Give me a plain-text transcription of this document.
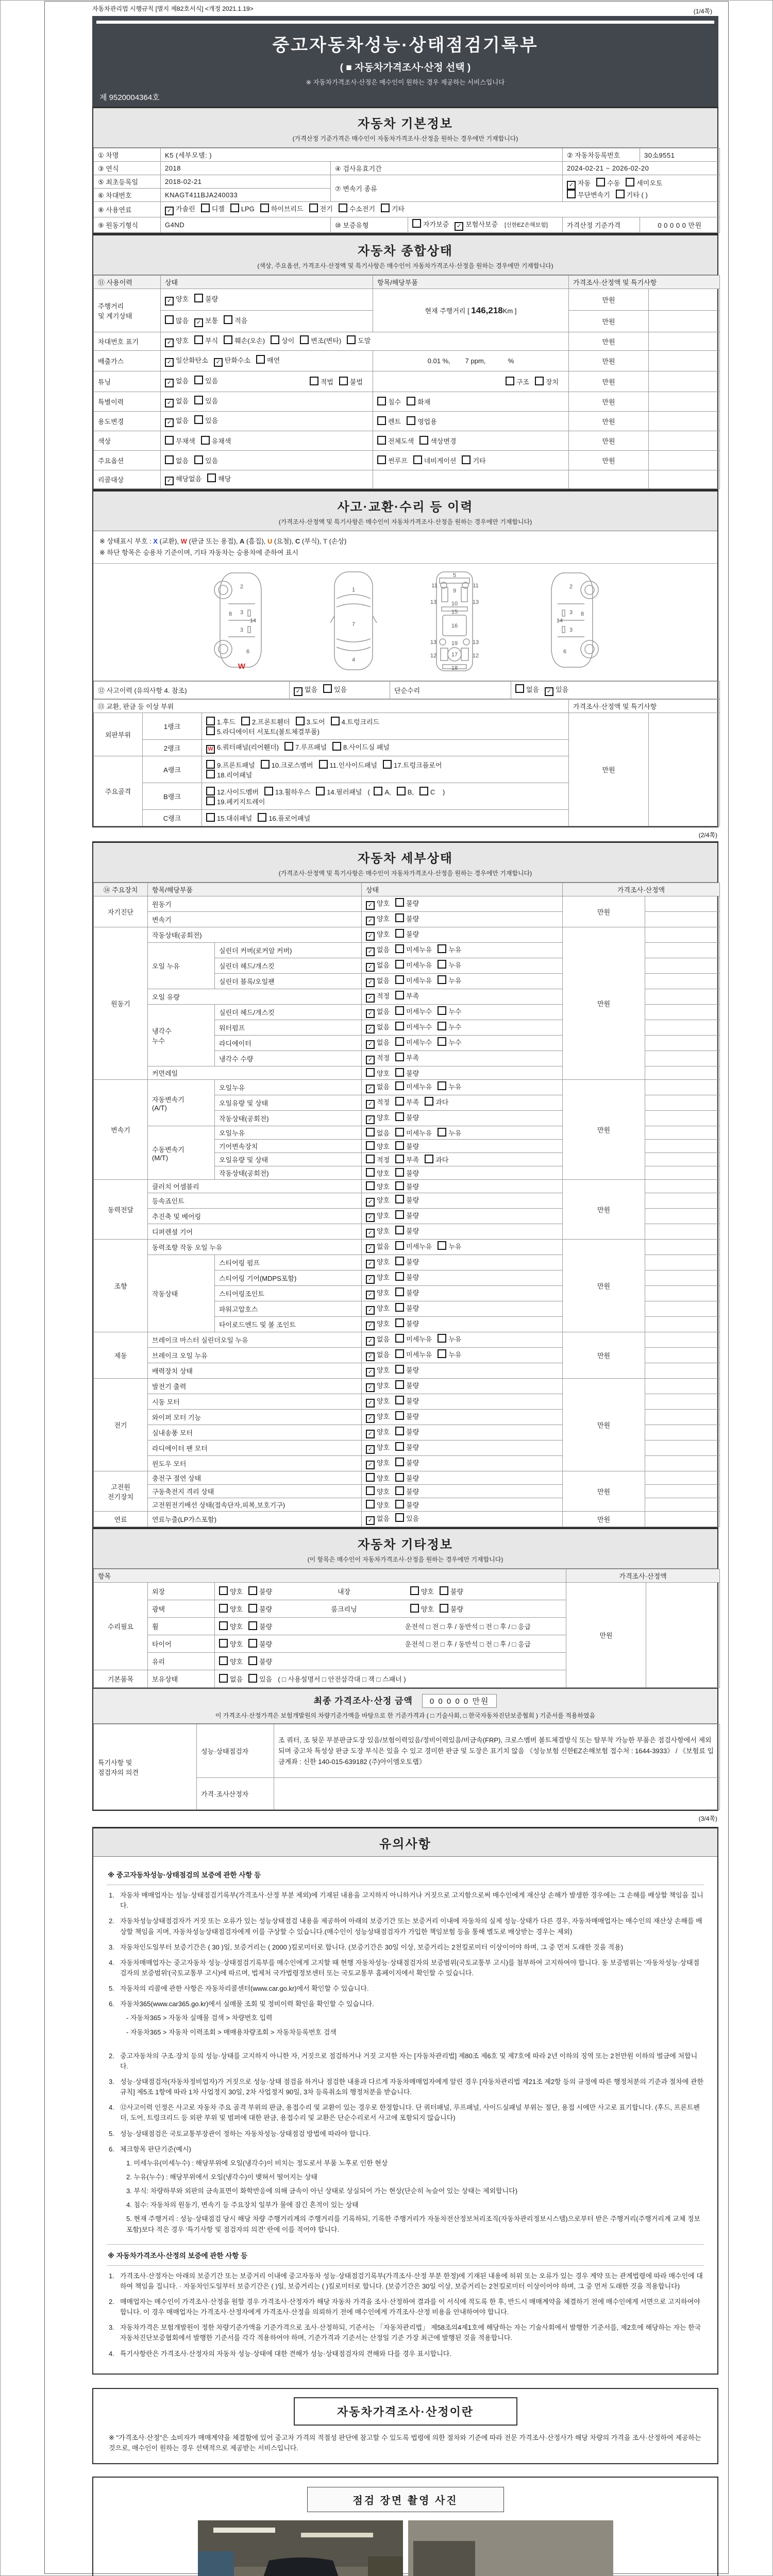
자동차관리법 시행규칙 [별지 제82호서식] <개정 2021.1.19>	(1/4쪽)
중고자동차성능·상태점검기록부
( ■ 자동차가격조사·산정 선택 )
※ 자동차가격조사·산정은 매수인이 원하는 경우 제공하는 서비스입니다
제 9520004364호
자동차 기본정보
(가격산정 기준가격은 매수인이 자동차가격조사·산정을 원하는 경우에만 기재합니다)
① 차명	K5 (세부모델: )			② 자동차등록번호	30소9551
③ 연식	2018	④ 검사유효기간		2024-02-21 ~ 2026-02-20	
⑤ 최초등록일	2018-02-21	⑦ 변속기 종류		✓ 자동 수동 세미오토
무단변속기 기타 ( )	

⑥ 차대번호	KNAGT411BJA240033				
⑧ 사용연료	✓ 가솔린 디젤 LPG 하이브리드 전기 수소전기 기타				
⑨ 원동기형식	G4ND	⑩ 보증유형	자가보증 ✓ 보험사보증 [신한EZ손해보험]	가격산정 기준가격	0 0 0 0 0 만원
자동차 종합상태
(색상, 주요옵션, 가격조사·산정액 및 특기사항은 매수인이 자동차가격조사·산정을 원하는 경우에만 기재합니다)
⑪ 사용이력	상태	항목/해당부품	가격조사·산정액 및 특기사항	
주행거리
및 계기상태	✓ 양호 불량	현재 주행거리 [ 146,218Km ]	만원	
	많음 ✓ 보통 적음		만원	
차대번호 표기	✓ 양호 부식 훼손(오손) 상이 변조(변타) 도말		만원	
배출가스	✓ 일산화탄소 ✓ 탄화수소 매연	0.01 %,        7 ppm,            %	만원	
튜닝	✓ 없음 있음 적법 불법	구조 장치	만원	
특별이력	✓ 없음 있음	침수 화재	만원	
용도변경	✓ 없음 있음	렌트 영업용	만원	
색상	무채색 유채색	전체도색 색상변경	만원	
주요옵션	없음 있음	썬루프 네비게이션 기타	만원	
리콜대상	✓ 해당없음 해당			
사고·교환·수리 등 이력
(가격조사·산정액 및 특기사항은 매수인이 자동차가격조사·산정을 원하는 경우에만 기재합니다)
※ 상태표시 부호 : X (교환), W (판금 또는 용접), A (흠집), U (요철), C (부식), T (손상)
※ 하단 항목은 승용차 기준이며, 기타 자동차는 승용차에 준하여 표시
2
8 3
14
3
6
W
1
7
4
5
11	11
9
13	13
10
15
16
13	13
19
12	12
17
18
2
8
3
14
3
6
⑫ 사고이력 (유의사항 4. 참조)	✓ 없음 있음	단순수리	없음 ✓ 있음
⑬ 교환, 판금 등 이상 부위			가격조사·산정액 및 특기사항	
외판부위	1랭크	1.후드 2.프론트휀더 3.도어 4.트렁크리드
5.라디에이터 서포트(볼트체결부품)	만원	
	2랭크	W 6.쿼터패널(리어휀더) 7.루프패널 8.사이드실 패널		
주요골격	A랭크	9.프론트패널 10.크로스멤버 11.인사이드패널 17.트렁크플로어
18.리어패널		
	B랭크	12.사이드멤버 13.휠하우스 14.필러패널 ( A, B, C )
19.페키지트레이		
	C랭크	15.대쉬패널 16.플로어패널		
(2/4쪽)
자동차 세부상태
(가격조사·산정액 및 특기사항은 매수인이 자동차가격조사·산정을 원하는 경우에만 기재합니다)
⑭ 주요장치	항목/해당부품		상태	가격조사·산정액	
자기진단	원동기		✓ 양호 불량	만원	
	변속기		✓ 양호 불량		
원동기	작동상태(공회전)		✓ 양호 불량	만원	
	오일 누유	실린더 커버(로커암 커버)	✓ 없음 미세누유 누유		
		실린더 헤드/개스킷	✓ 없음 미세누유 누유		
		실린더 블록/오일팬	✓ 없음 미세누유 누유		
	오일 유량		✓ 적정 부족		
	냉각수
누수	실린더 헤드/개스킷	✓ 없음 미세누수 누수		
		워터펌프	✓ 없음 미세누수 누수		
		라디에이터	✓ 없음 미세누수 누수		
		냉각수 수량	✓ 적정 부족		
	커먼레일		양호 불량		
변속기	자동변속기
(A/T)	오일누유	✓ 없음 미세누유 누유	만원	
		오일유량 및 상태	✓ 적정 부족 과다		
		작동상태(공회전)	✓ 양호 불량		
	수동변속기
(M/T)	오일누유	없음 미세누유 누유		
		기어변속장치	양호 불량		
		오일유량 및 상태	적정 부족 과다		
		작동상태(공회전)	양호 불량		
동력전달	클러치 어셈블리		양호 불량	만원	
	등속죠인트		✓ 양호 불량		
	추진축 및 베어링		✓ 양호 불량		
	디퍼렌셜 기어		✓ 양호 불량		
조향	동력조향 작동 오일 누유		✓ 없음 미세누유 누유	만원	
	작동상태	스티어링 펌프	✓ 양호 불량		
		스티어링 기어(MDPS포함)	✓ 양호 불량		
		스티어링조인트	✓ 양호 불량		
		파워고압호스	✓ 양호 불량		
		타이로드엔드 및 볼 조인트	✓ 양호 불량		
제동	브레이크 마스터 실린더오일 누유		✓ 없음 미세누유 누유	만원	
	브레이크 오일 누유		✓ 없음 미세누유 누유		
	배력장치 상태		✓ 양호 불량		
전기	발전기 출력		✓ 양호 불량	만원	
	시동 모터		✓ 양호 불량		
	와이퍼 모터 기능		✓ 양호 불량		
	실내송풍 모터		✓ 양호 불량		
	라디에이터 팬 모터		✓ 양호 불량		
	윈도우 모터		✓ 양호 불량		
고전원
전기장치	충전구 절연 상태		양호 불량	만원	
	구동축전지 격리 상태		양호 불량		
	고전원전기배선 상태(접속단자,피복,보호기구)		양호 불량		
연료	연료누출(LP가스포함)		✓ 없음 있음	만원	
자동차 기타정보
(이 항목은 매수인이 자동차가격조사·산정을 원하는 경우에만 기재합니다)
항목			가격조사·산정액	
수리필요	외장	양호 불량 내장 양호 불량	만원	
	광택	양호 불량 룸크리닝 양호 불량		

	휠	양호 불량 운전석 □ 전 □ 후 / 동반석 □ 전 □ 후 / □ 응급		

	타이어	양호 불량 운전석 □ 전 □ 후 / 동반석 □ 전 □ 후 / □ 응급		

	유리	양호 불량		
기본품목	보유상태	없음 있음 ( □ 사용설명서 □ 안전삼각대 □ 잭 □ 스패너 )		
최종 가격조사·산정 금액 0 0 0 0 0 만원
이 가격조사·산정가격은 보험개발원의 차량기준가액을 바탕으로 한 기준가격과 ( □ 기술사회, □ 한국자동차진단보증협회 ) 기준서를 적용하였음
특기사항 및
점검자의 의견	성능·상태점검자	조 쿼터, 조 뒷문 부분판금도장 있음/보험이력있음/정비이력있음/비금속(FRP), 크로스멤버 볼트체결방식 또는 탈부착 가능한 부품은 점검사항에서 제외되며 중고차 특성상 판금 도장 부식은 있을 수 있고 경미한 판금 및 도장은 표기치 않음 《성능보험 신한EZ손해보험 접수처 : 1644-3933》 / 《보험료 입금계좌 : 신한 140-015-639182 (주)아이엠오토랩》
	가격·조사산정자	
(3/4쪽)
유의사항
※ 중고자동차성능·상태점검의 보증에 관한 사항 등
1. 자동차 매매업자는 성능·상태점검기록부(가격조사·산정 부분 제외)에 기재된 내용을 고지하지 아니하거나 거짓으로 고지함으로써 매수인에게 재산상 손해가 발생한 경우에는 그 손해를 배상할 책임을 집니다.
2. 자동차성능상태점검자가 거짓 또는 오류가 있는 성능상태점검 내용을 제공하여 아래의 보증기간 또는 보증거리 이내에 자동차의 실제 성능·상태가 다른 경우, 자동차매매업자는 매수인의 재산상 손해를 배상할 책임을 지며, 자동차성능상태점검자에게 이를 구상할 수 있습니다.(매수인이 성능상태점검자가 가입한 책임보험 등을 통해 별도로 배상받는 경우는 제외)
3. 자동차인도일부터 보증기간은 ( 30 )일, 보증거리는 ( 2000 )킬로미터로 합니다. (보증기간은 30일 이상, 보증거리는 2천킬로미터 이상이어야 하며, 그 중 먼저 도래한 것을 적용)
4. 자동차매매업자는 중고자동차 성능·상태점검기록부를 매수인에게 고지할 때 현행 자동차성능·상태점검자의 보증범위(국토교통부 고시)를 첨부하여 고지하여야 합니다. 동 보증범위는 '자동차성능·상태점검자의 보증범위'(국토교통부 고시)에 따르며, 법제처 국가법령정보센터 또는 국토교통부 홈페이지에서 확인할 수 있습니다.
5. 자동차의 리콜에 관한 사항은 자동차리콜센터(www.car.go.kr)에서 확인할 수 있습니다.
6. 자동차365(www.car365.go.kr)에서 실매물 조회 및 정비이력 확인을 확인할 수 있습니다.
- 자동차365 > 자동차 실매물 검색 > 차량번호 입력
- 자동차365 > 자동차 이력조회 > 매매용차량조회 > 자동차등록번호 검색
2. 중고자동차의 구조·장치 등의 성능·상태를 고지하지 아니한 자, 거짓으로 점검하거나 거짓 고지한 자는 [자동차관리법] 제80조 제6호 및 제7호에 따라 2년 이하의 징역 또는 2천만원 이하의 벌금에 처합니다.
3. 성능·상태점검자(자동차정비업자)가 거짓으로 성능·상태 점검을 하거나 점검한 내용과 다르게 자동차매매업자에게 알린 경우 [자동차관리법 제21조 제2항 등의 규정에 따른 행정처분의 기준과 절차에 관한 규칙] 제5조 1항에 따라 1차 사업정지 30일, 2차 사업정지 90일, 3차 등록취소의 행정처분을 받습니다.
4. ⑫사고이력 인정은 사고로 자동차 주요 골격 부위의 판금, 용접수리 및 교환이 있는 경우로 한정합니다. 단 쿼터패널, 루프패널, 사이드실패널 부위는 절단, 용접 시에만 사고로 표기합니다. (후드, 프론트펜더, 도어, 트렁크리드 등 외판 부위 및 범퍼에 대한 판금, 용접수리 및 교환은 단순수리로서 사고에 포함되지 않습니다)
5. 성능·상태점검은 국토교통부장관이 정하는 자동차성능·상태점검 방법에 따라야 합니다.
6. 체크항목 판단기준(예시)
1. 미세누유(미세누수) : 해당부위에 오일(냉각수)이 비치는 정도로서 부품 노후로 인한 현상
2. 누유(누수) : 해당부위에서 오일(냉각수)이 맺혀서 떨어지는 상태
3. 부식: 차량하부와 외판의 금속표면이 화학반응에 의해 금속이 아닌 상태로 상실되어 가는 현상(단순히 녹슬어 있는 상태는 제외합니다)
4. 침수: 자동차의 원동기, 변속기 등 주요장치 일부가 물에 잠긴 흔적이 있는 상태
5. 현재 주행거리 : 성능·상태점검 당시 해당 차량 주행거리계의 주행거리를 기록하되, 기록한 주행거리가 자동차전산정보처리조직(자동차관리정보시스템)으로부터 받은 주행거리(주행거리계 교체 정보 포함)보다 적은 경우 '특기사항 및 점검자의 의견' 란에 이를 적어야 합니다.
※ 자동차가격조사·산정의 보증에 관한 사항 등
1. 가격조사·산정자는 아래의 보증기간 또는 보증거리 이내에 중고자동차 성능·상태점검기록부(가격조사·산정 부분 한정)에 기재된 내용에 허위 또는 오류가 있는 경우 계약 또는 관계법령에 따라 매수인에 대하여 책임을 집니다. · 자동차인도일부터 보증기간은 ( )일, 보증거리는 ( )킬로미터로 합니다. (보증기간은 30일 이상, 보증거리는 2천킬로미터 이상이어야 하며, 그 중 먼저 도래한 것을 적용합니다)
2. 매매업자는 매수인이 가격조사·산정을 원할 경우 가격조사·산정자가 해당 자동차 가격을 조사·산정하여 결과를 이 서식에 적도록 한 후, 반드시 매매계약을 체결하기 전에 매수인에게 서면으로 고지하여야 합니다. 이 경우 매매업자는 가격조사·산정자에게 가격조사·산정을 의뢰하기 전에 매수인에게 가격조사·산정 비용을 안내하여야 합니다.
3. 자동차가격은 보험개발원이 정한 차량기준가액을 기준가격으로 조사·산정하되, 기준서는 「자동차관리법」 제58조의4제1호에 해당하는 자는 기술사회에서 발행한 기준서를, 제2호에 해당하는 자는 한국자동차진단보증협회에서 발행한 기준서를 각각 적용하여야 하며, 기준가격과 기준서는 산정일 기준 가장 최근에 발행된 것을 적용합니다.
4. 특기사항란은 가격조사·산정자의 자동차 성능·상태에 대한 견해가 성능·상태점검자의 견해와 다를 경우 표시합니다.
자동차가격조사·산정이란
※ "가격조사·산정"은 소비자가 매매계약을 체결함에 있어 중고차 가격의 적절성 판단에 참고할 수 있도록 법령에 의한 절차와 기준에 따라 전문 가격조사·산정사가 해당 차량의 가격을 조사·산정하여 제공하는 것으로, 매수인이 원하는 경우 선택적으로 제공받는 서비스입니다.
점검 장면 촬영 사진
